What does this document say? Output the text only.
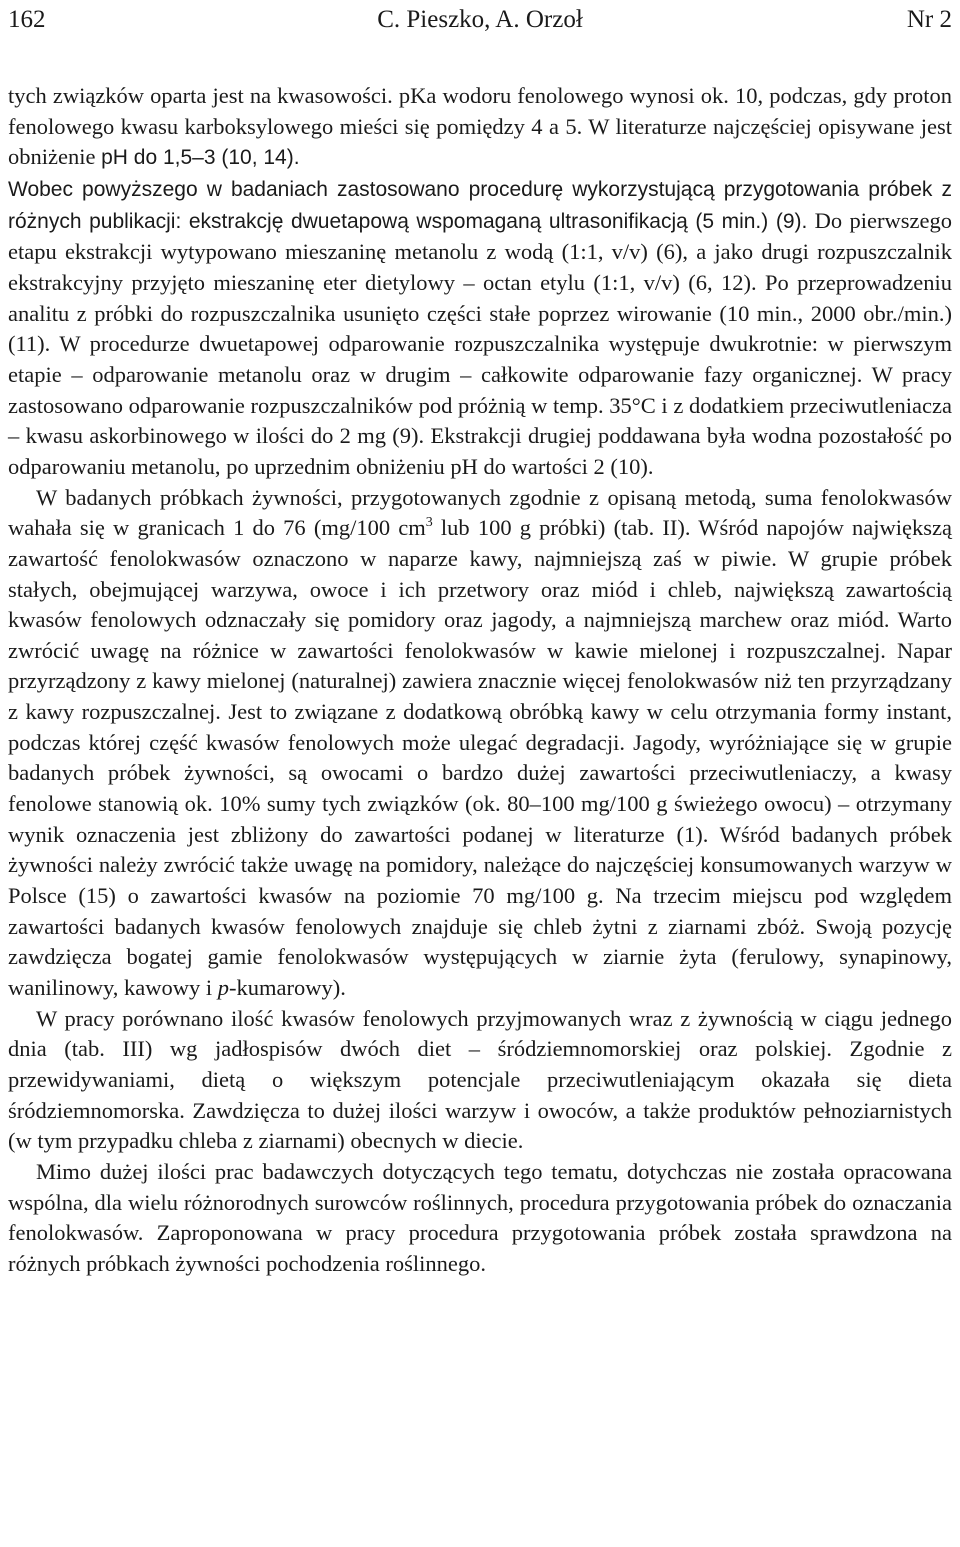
162	C. Pieszko, A. Orzoł	Nr 2

tych związków oparta jest na kwasowości. pKa wodoru fenolowego wynosi ok. 10, podczas, gdy proton fenolowego kwasu karboksylowego mieści się pomiędzy 4 a 5. W literaturze najczęściej opisywane jest obniżenie pH do 1,5–3 (10, 14).
Wobec powyższego w badaniach zastosowano procedurę wykorzystującą przygotowania próbek z różnych publikacji: ekstrakcję dwuetapową wspomaganą ultrasonifikacją (5 min.) (9). Do pierwszego etapu ekstrakcji wytypowano mieszaninę metanolu z wodą (1:1, v/v) (6), a jako drugi rozpuszczalnik ekstrakcyjny przyjęto mieszaninę eter dietylowy – octan etylu (1:1, v/v) (6, 12). Po przeprowadzeniu analitu z próbki do rozpuszczalnika usunięto części stałe poprzez wirowanie (10 min., 2000 obr./min.) (11). W procedurze dwuetapowej odparowanie rozpuszczalnika występuje dwukrotnie: w pierwszym etapie – odparowanie metanolu oraz w drugim – całkowite odparowanie fazy organicznej. W pracy zastosowano odparowanie rozpuszczalników pod próżnią w temp. 35°C i z dodatkiem przeciwutleniacza – kwasu askorbinowego w ilości do 2 mg (9). Ekstrakcji drugiej poddawana była wodna pozostałość po odparowaniu metanolu, po uprzednim obniżeniu pH do wartości 2 (10).

W badanych próbkach żywności, przygotowanych zgodnie z opisaną metodą, suma fenolokwasów wahała się w granicach 1 do 76 (mg/100 $cm^3$ lub 100 g próbki) (tab. II). Wśród napojów największą zawartość fenolokwasów oznaczono w naparze kawy, najmniejszą zaś w piwie. W grupie próbek stałych, obejmującej warzywa, owoce i ich przetwory oraz miód i chleb, największą zawartością kwasów fenolowych odznaczały się pomidory oraz jagody, a najmniejszą marchew oraz miód. Warto zwrócić uwagę na różnice w zawartości fenolokwasów w kawie mielonej i rozpuszczalnej. Napar przyrządzony z kawy mielonej (naturalnej) zawiera znacznie więcej fenolokwasów niż ten przyrządzany z kawy rozpuszczalnej. Jest to związane z dodatkową obróbką kawy w celu otrzymania formy instant, podczas której część kwasów fenolowych może ulegać degradacji. Jagody, wyróżniające się w grupie badanych próbek żywności, są owocami o bardzo dużej zawartości przeciwutleniaczy, a kwasy fenolowe stanowią ok. 10% sumy tych związków (ok. 80–100 mg/100 g świeżego owocu) – otrzymany wynik oznaczenia jest zbliżony do zawartości podanej w literaturze (1). Wśród badanych próbek żywności należy zwrócić także uwagę na pomidory, należące do najczęściej konsumowanych warzyw w Polsce (15) o zawartości kwasów na poziomie 70 mg/100 g. Na trzecim miejscu pod względem zawartości badanych kwasów fenolowych znajduje się chleb żytni z ziarnami zbóż. Swoją pozycję zawdzięcza bogatej gamie fenolokwasów występujących w ziarnie żyta (ferulowy, synapinowy, wanilinowy, kawowy i p-kumarowy).

W pracy porównano ilość kwasów fenolowych przyjmowanych wraz z żywnością w ciągu jednego dnia (tab. III) wg jadłospisów dwóch diet – śródziemnomorskiej oraz polskiej. Zgodnie z przewidywaniami, dietą o większym potencjale przeciwutleniającym okazała się dieta śródziemnomorska. Zawdzięcza to dużej ilości warzyw i owoców, a także produktów pełnoziarnistych (w tym przypadku chleba z ziarnami) obecnych w diecie.

Mimo dużej ilości prac badawczych dotyczących tego tematu, dotychczas nie została opracowana wspólna, dla wielu różnorodnych surowców roślinnych, procedura przygotowania próbek do oznaczania fenolokwasów. Zaproponowana w pracy procedura przygotowania próbek została sprawdzona na różnych próbkach żywności pochodzenia roślinnego.
